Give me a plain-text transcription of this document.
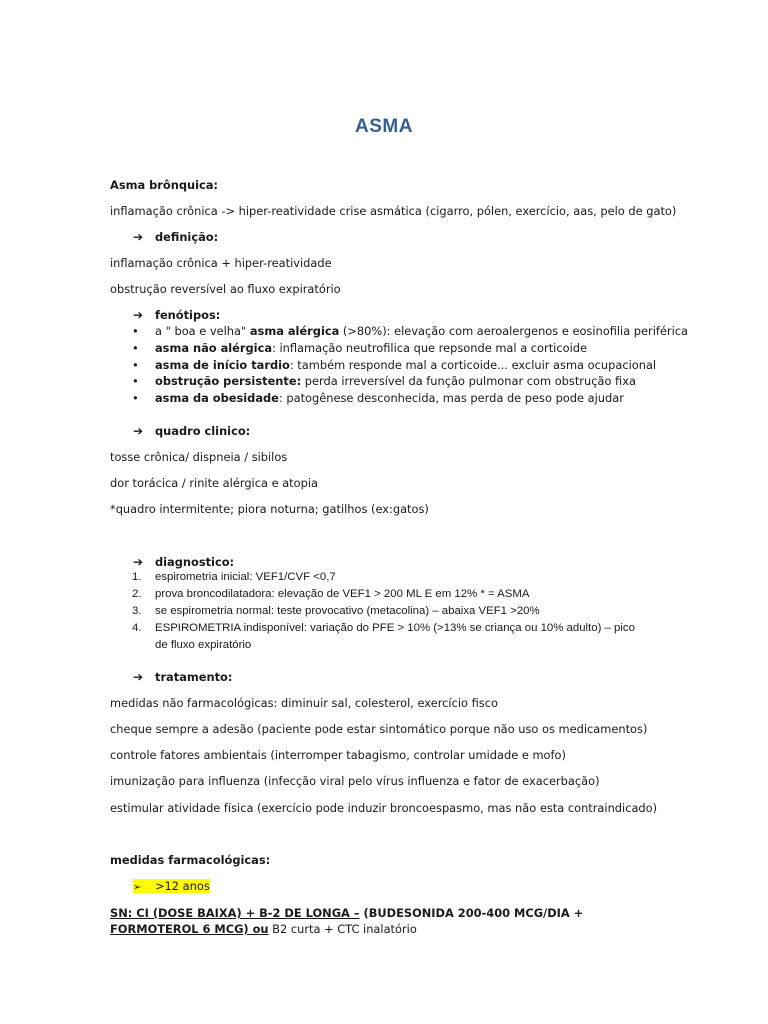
ASMA
Asma brônquica:
inflamação crônica -> hiper-reatividade crise asmática (cigarro, pólen, exercício, aas, pelo de gato)
➔ definição:
inflamação crônica + hiper-reatividade
obstrução reversível ao fluxo expiratório
➔ fenótipos:
• a " boa e velha" asma alérgica (>80%): elevação com aeroalergenos e eosinofilia periférica
• asma não alérgica: inflamação neutrofilica que repsonde mal a corticoide
• asma de início tardio: também responde mal a corticoide... excluir asma ocupacional
• obstrução persistente: perda irreversível da função pulmonar com obstrução fixa
• asma da obesidade: patogênese desconhecida, mas perda de peso pode ajudar
➔ quadro clinico:
tosse crônica/ dispneia / sibilos
dor torácica / rinite alérgica e atopia
*quadro intermitente; piora noturna; gatilhos (ex:gatos)
➔ diagnostico:
1. espirometria inicial: VEF1/CVF <0,7
2. prova broncodilatadora: elevação de VEF1 > 200 ML E em 12% * = ASMA
3. se espirometria normal: teste provocativo (metacolina) – abaixa VEF1 >20%
4. ESPIROMETRIA indisponível: variação do PFE > 10% (>13% se criança ou 10% adulto) – pico
de fluxo expiratório
➔ tratamento:
medidas não farmacológicas: diminuir sal, colesterol, exercício fisco
cheque sempre a adesão (paciente pode estar sintomático porque não uso os medicamentos)
controle fatores ambientais (interromper tabagismo, controlar umidade e mofo)
imunização para influenza (infecção viral pelo vírus influenza e fator de exacerbação)
estimular atividade física (exercício pode induzir broncoespasmo, mas não esta contraindicado)
medidas farmacológicas:
➢ >12 anos
SN: CI (DOSE BAIXA) + B-2 DE LONGA – (BUDESONIDA 200-400 MCG/DIA +
FORMOTEROL 6 MCG) ou B2 curta + CTC inalatório
